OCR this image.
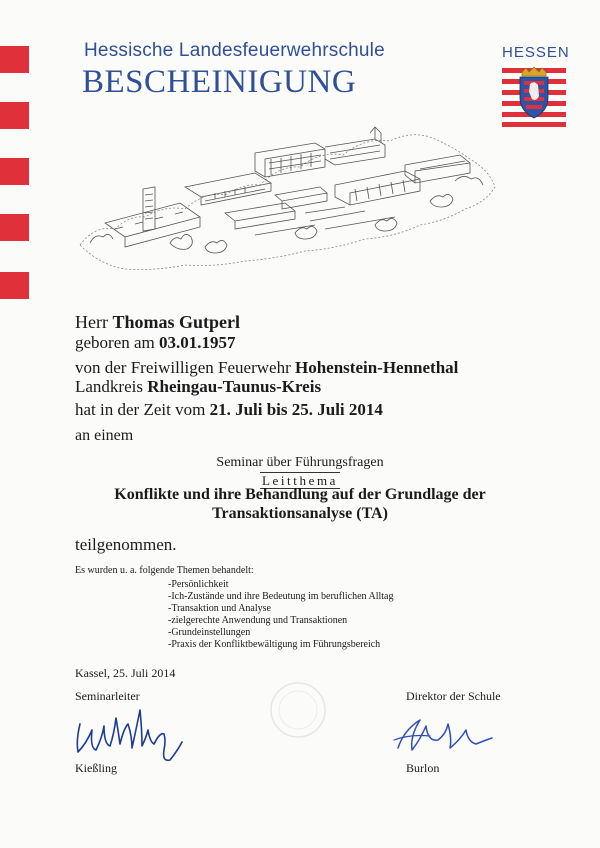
Hessische Landesfeuerwehrschule
BESCHEINIGUNG
HESSEN
Herr Thomas Gutperl
geboren am 03.01.1957
von der Freiwilligen Feuerwehr Hohenstein-Hennethal
Landkreis Rheingau-Taunus-Kreis
hat in der Zeit vom 21. Juli bis 25. Juli 2014
an einem
Seminar über Führungsfragen
Leitthema
Konflikte und ihre Behandlung auf der Grundlage der
Transaktionsanalyse (TA)
teilgenommen.
Es wurden u. a. folgende Themen behandelt:
-Persönlichkeit
-Ich-Zustände und ihre Bedeutung im beruflichen Alltag
-Transaktion und Analyse
-zielgerechte Anwendung und Transaktionen
-Grundeinstellungen
-Praxis der Konfliktbewältigung im Führungsbereich
Kassel, 25. Juli 2014
Seminarleiter	Direktor der Schule
Kießling	Burlon
